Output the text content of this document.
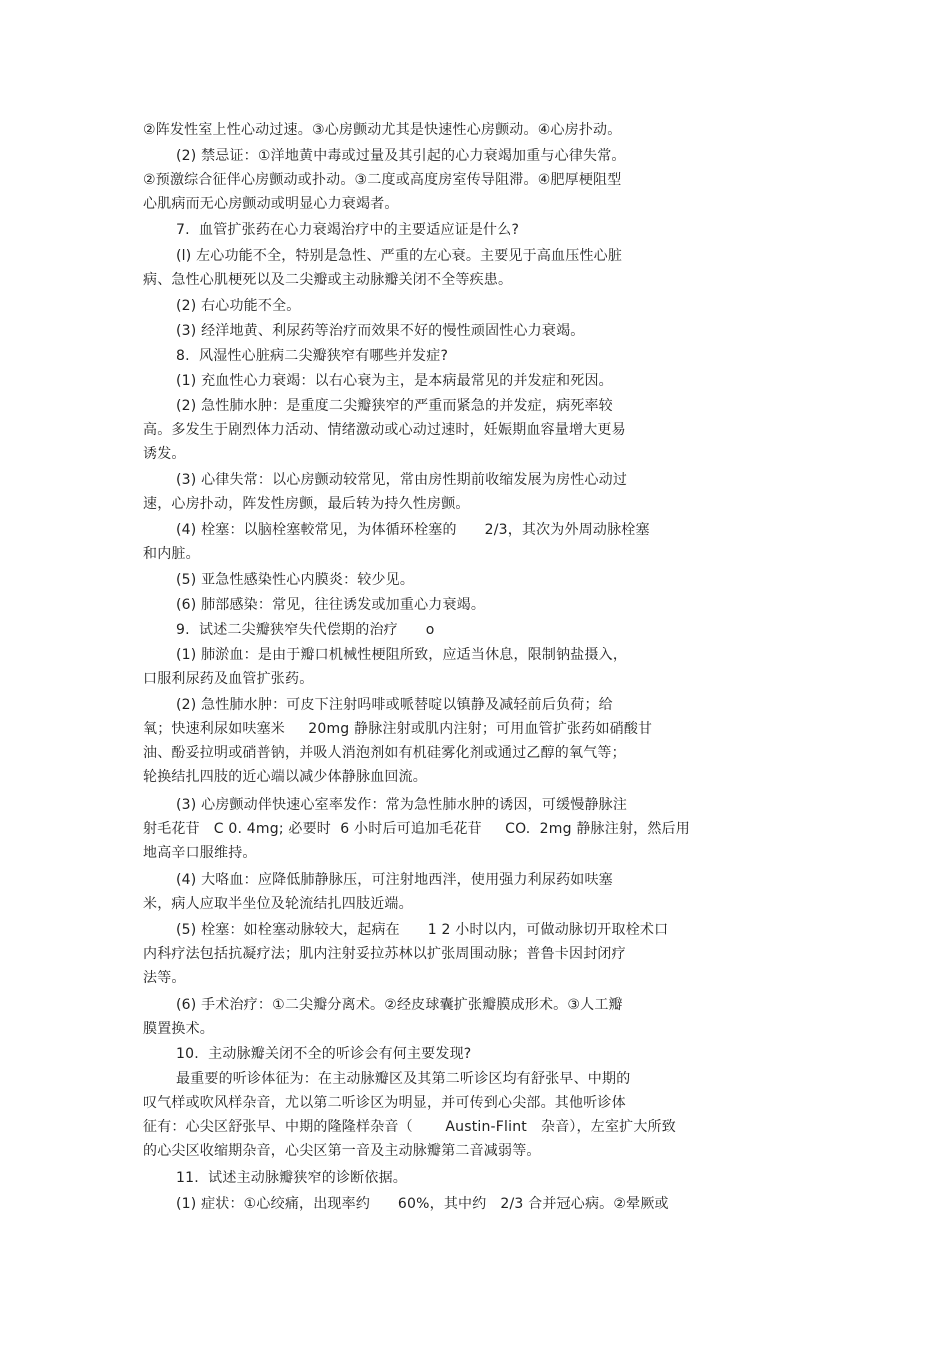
②阵发性室上性心动过速。③心房颤动尤其是快速性心房颤动。④心房扑动。
(2) 禁忌证：①洋地黄中毒或过量及其引起的心力衰竭加重与心律失常。
②预激综合征伴心房颤动或扑动。③二度或高度房室传导阻滞。④肥厚梗阻型
心肌病而无心房颤动或明显心力衰竭者。
7.  血管扩张药在心力衰竭治疗中的主要适应证是什么?
(l) 左心功能不全，特别是急性、严重的左心衰。主要见于高血压性心脏
病、急性心肌梗死以及二尖瓣或主动脉瓣关闭不全等疾患。
(2) 右心功能不全。
(3) 经洋地黄、利尿药等治疗而效果不好的慢性顽固性心力衰竭。
8.  风湿性心脏病二尖瓣狭窄有哪些并发症?
(1) 充血性心力衰竭：以右心衰为主，是本病最常见的并发症和死因。
(2) 急性肺水肿：是重度二尖瓣狭窄的严重而紧急的并发症，病死率较
高。多发生于剧烈体力活动、情绪激动或心动过速时，妊娠期血容量增大更易
诱发。
(3) 心律失常：以心房颤动较常见，常由房性期前收缩发展为房性心动过
速，心房扑动，阵发性房颤，最后转为持久性房颤。
(4) 栓塞：以脑栓塞較常见，为体循环栓塞的      2/3，其次为外周动脉栓塞
和内脏。
(5) 亚急性感染性心内膜炎：较少见。
(6) 肺部感染：常见，往往诱发或加重心力衰竭。
9.  试述二尖瓣狭窄失代偿期的治疗      o
(1) 肺淤血：是由于瓣口机械性梗阻所致，应适当休息，限制钠盐摄入，
口服利尿药及血管扩张药。
(2) 急性肺水肿：可皮下注射吗啡或哌替啶以镇静及减轻前后负荷；给
氧；快速利尿如呋塞米     20mg 静脉注射或肌内注射；可用血管扩张药如硝酸甘
油、酚妥拉明或硝普钠，并吸人消泡剂如有机硅雾化剂或通过乙醇的氧气等；
轮换结扎四肢的近心端以减少体静脉血回流。
(3) 心房颤动伴快速心室率发作：常为急性肺水肿的诱因，可缓慢静脉注
射毛花苷   C 0. 4mg; 必要时  6 小时后可追加毛花苷     CO.  2mg 静脉注射，然后用
地高辛口服维持。
(4) 大咯血：应降低肺静脉压，可注射地西泮，使用强力利尿药如呋塞
米，病人应取半坐位及轮流结扎四肢近端。
(5) 栓塞：如栓塞动脉较大，起病在      1 2 小时以内，可做动脉切开取栓术口
内科疗法包括抗凝疗法；肌内注射妥拉苏林以扩张周围动脉；普鲁卡因封闭疗
法等。
(6) 手术治疗：①二尖瓣分离术。②经皮球囊扩张瓣膜成形术。③人工瓣
膜置换术。
10.  主动脉瓣关闭不全的听诊会有何主要发现?
最重要的听诊体征为：在主动脉瓣区及其第二听诊区均有舒张早、中期的
叹气样或吹风样杂音，尤以第二听诊区为明显，并可传到心尖部。其他听诊体
征有：心尖区舒张早、中期的隆隆样杂音（       Austin-Flint   杂音），左室扩大所致
的心尖区收缩期杂音，心尖区第一音及主动脉瓣第二音减弱等。
11.  试述主动脉瓣狭窄的诊断依据。
(1) 症状：①心绞痛，出现率约      60%，其中约   2/3 合并冠心病。②晕厥或
